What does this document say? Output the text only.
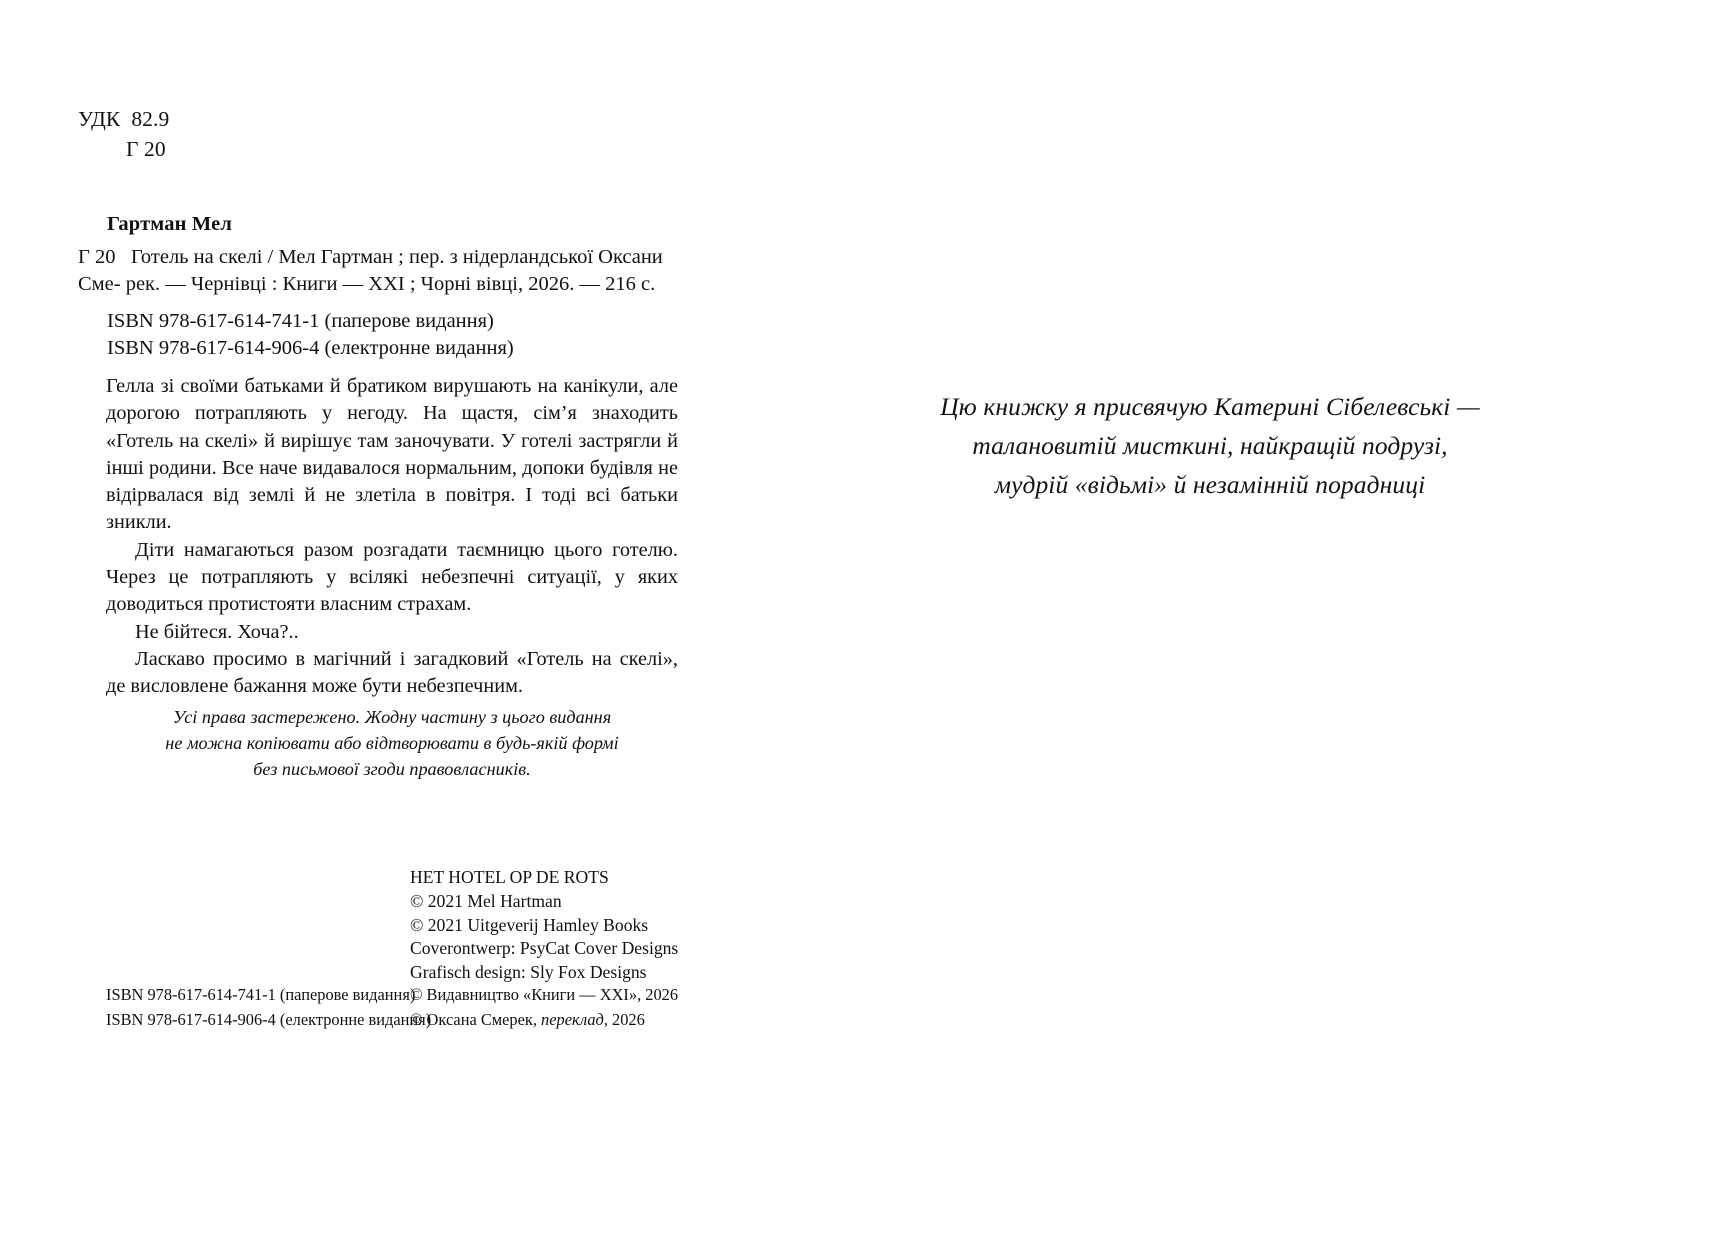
УДК 82.9
Г 20
Гартман Мел
Г 20 Готель на скелі / Мел Гартман ; пер. з нідерландської Оксани Сме- рек. — Чернівці : Книги — XXI ; Чорні вівці, 2026. — 216 с.
ISBN 978-617-614-741-1 (паперове видання)
ISBN 978-617-614-906-4 (електронне видання)

Гелла зі своїми батьками й братиком вирушають на канікули, але дорогою потрапляють у негоду. На щастя, сім’я знаходить «Готель на скелі» й вирішує там заночувати. У готелі застрягли й інші родини. Все наче видавалося нормальним, допоки будівля не відірвалася від землі й не злетіла в повітря. І тоді всі батьки зникли.

Діти намагаються разом розгадати таємницю цього готелю. Через це потрапляють у всілякі небезпечні ситуації, у яких доводиться протистояти власним страхам.

Не бійтеся. Хоча?..

Ласкаво просимо в магічний і загадковий «Готель на скелі», де висловлене бажання може бути небезпечним.

Усі права застережено. Жодну частину з цього видання
не можна копіювати або відтворювати в будь-якій формі
без письмової згоди правовласників.
HET HOTEL OP DE ROTS
© 2021 Mel Hartman
© 2021 Uitgeverij Hamley Books
Coverontwerp: PsyCat Cover Designs
Grafisch design: Sly Fox Designs
ISBN 978-617-614-741-1 (паперове видання)
ISBN 978-617-614-906-4 (електронне видання)
© Видавництво «Книги — XXI», 2026
© Оксана Смерек, переклад, 2026
Цю книжку я присвячую Катерині Сібелевські —
талановитій мисткині, найкращій подрузі,
мудрій «відьмі» й незамінній порадниці
